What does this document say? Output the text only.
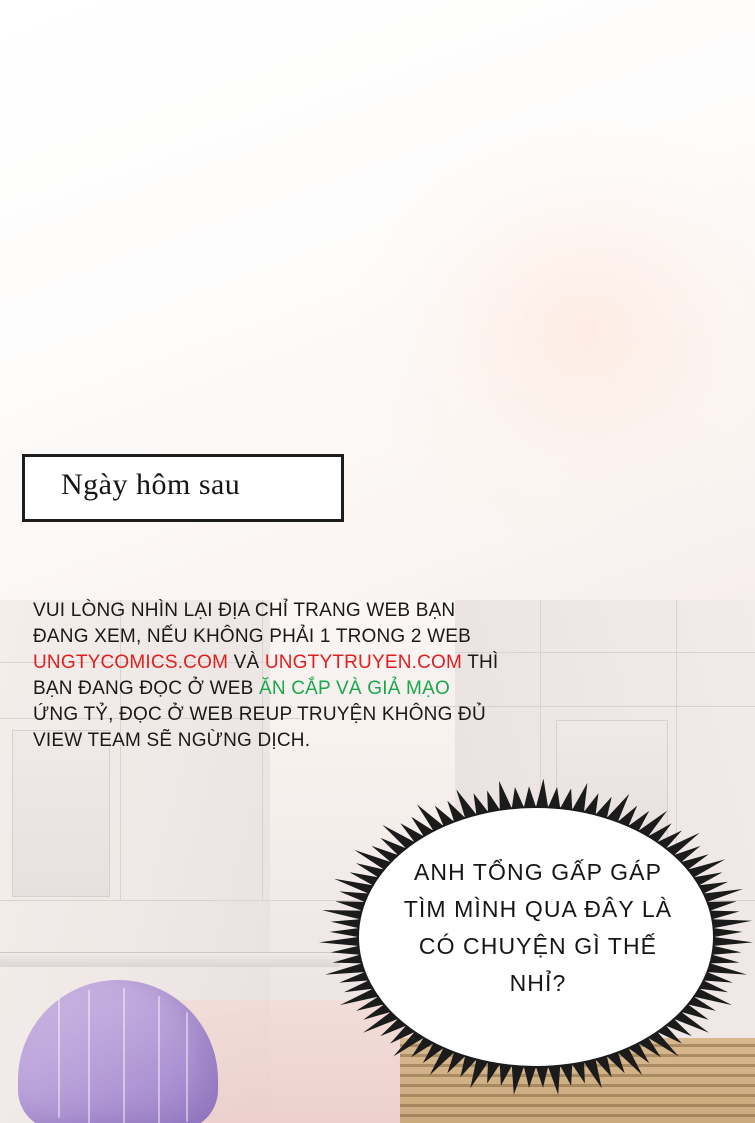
Ngày hôm sau
VUI LÒNG NHÌN LẠI ĐỊA CHỈ TRANG WEB BẠN
ĐANG XEM, NẾU KHÔNG PHẢI 1 TRONG 2 WEB
UNGTYCOMICS.COM VÀ UNGTYTRUYEN.COM THÌ
BẠN ĐANG ĐỌC Ở WEB ĂN CẮP VÀ GIẢ MẠO
ỨNG TỶ, ĐỌC Ở WEB REUP TRUYỆN KHÔNG ĐỦ
VIEW TEAM SẼ NGỪNG DỊCH.
ANH TỔNG GẤP GÁP
TÌM MÌNH QUA ĐÂY LÀ
CÓ CHUYỆN GÌ THẾ
NHỈ?
